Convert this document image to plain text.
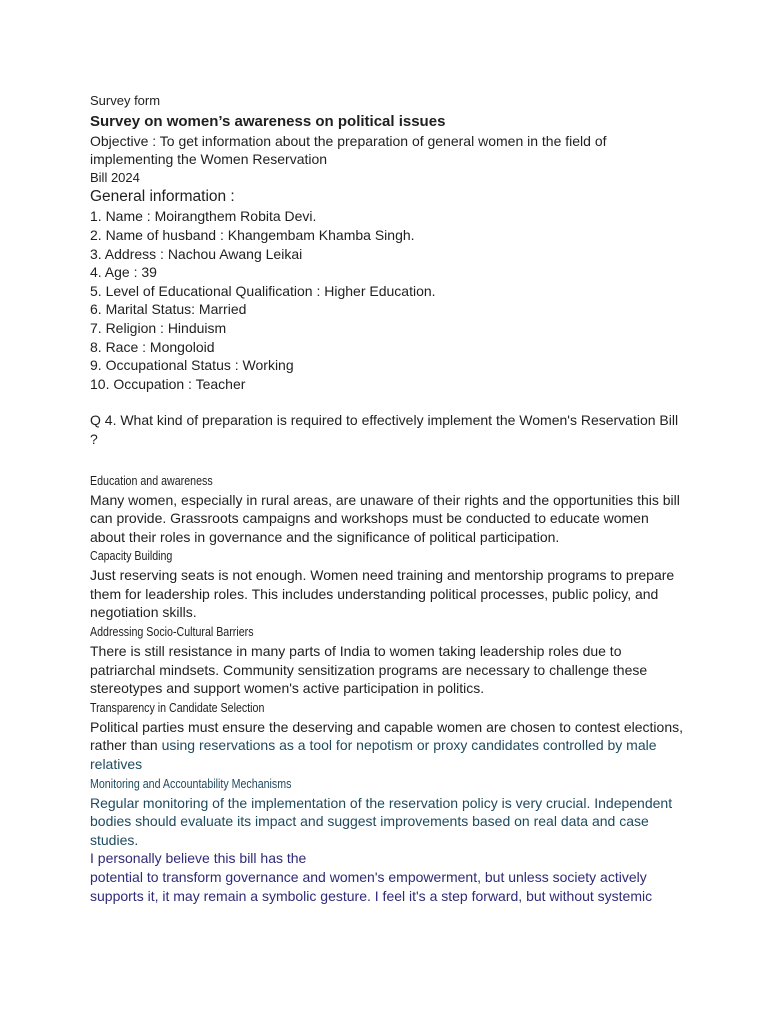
Survey form
Survey on women’s awareness on political issues
Objective : To get information about the preparation of general women in the field of
implementing the Women Reservation
Bill 2024
General information :
1. Name : Moirangthem Robita Devi.
2. Name of husband : Khangembam Khamba Singh.
3. Address : Nachou Awang Leikai
4. Age : 39
5. Level of Educational Qualification : Higher Education.
6. Marital Status: Married
7. Religion : Hinduism
8. Race : Mongoloid
9. Occupational Status : Working
10. Occupation : Teacher
Q 4. What kind of preparation is required to effectively implement the Women's Reservation Bill
?
Education and awareness
Many women, especially in rural areas, are unaware of their rights and the opportunities this bill
can provide. Grassroots campaigns and workshops must be conducted to educate women
about their roles in governance and the significance of political participation.
Capacity Building
Just reserving seats is not enough. Women need training and mentorship programs to prepare
them for leadership roles. This includes understanding political processes, public policy, and
negotiation skills.
Addressing Socio-Cultural Barriers
There is still resistance in many parts of India to women taking leadership roles due to
patriarchal mindsets. Community sensitization programs are necessary to challenge these
stereotypes and support women's active participation in politics.
Transparency in Candidate Selection
Political parties must ensure the deserving and capable women are chosen to contest elections,
rather than using reservations as a tool for nepotism or proxy candidates controlled by male
relatives
Monitoring and Accountability Mechanisms
Regular monitoring of the implementation of the reservation policy is very crucial. Independent
bodies should evaluate its impact and suggest improvements based on real data and case
studies.
I personally believe this bill has the
potential to transform governance and women's empowerment, but unless society actively
supports it, it may remain a symbolic gesture. I feel it's a step forward, but without systemic
